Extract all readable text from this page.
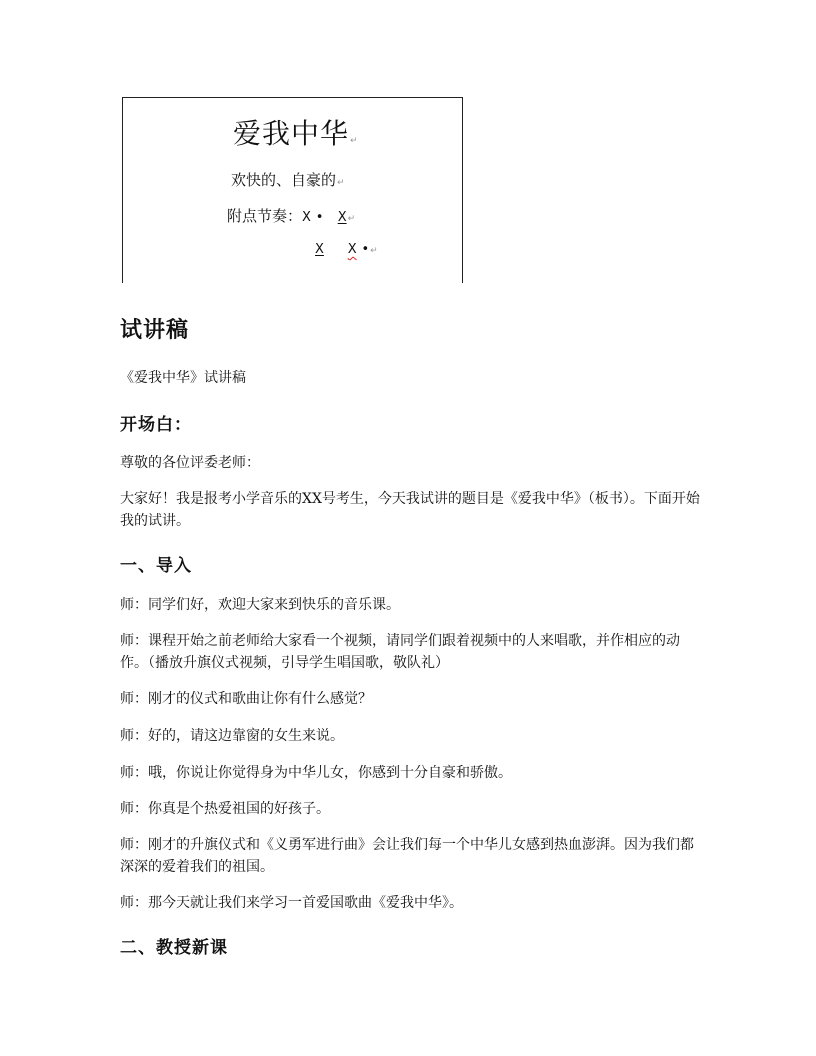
爱我中华↵
欢快的、自豪的↵
附点节奏：X • X↵
X X •↵
试讲稿
《爱我中华》试讲稿
开场白：
尊敬的各位评委老师：
大家好！我是报考小学音乐的XX号考生，今天我试讲的题目是《爱我中华》（板书）。下面开始我的试讲。
一、导入
师：同学们好，欢迎大家来到快乐的音乐课。
师：课程开始之前老师给大家看一个视频，请同学们跟着视频中的人来唱歌，并作相应的动作。（播放升旗仪式视频，引导学生唱国歌，敬队礼）
师：刚才的仪式和歌曲让你有什么感觉？
师：好的，请这边靠窗的女生来说。
师：哦，你说让你觉得身为中华儿女，你感到十分自豪和骄傲。
师：你真是个热爱祖国的好孩子。
师：刚才的升旗仪式和《义勇军进行曲》会让我们每一个中华儿女感到热血澎湃。因为我们都深深的爱着我们的祖国。
师：那今天就让我们来学习一首爱国歌曲《爱我中华》。
二、教授新课
